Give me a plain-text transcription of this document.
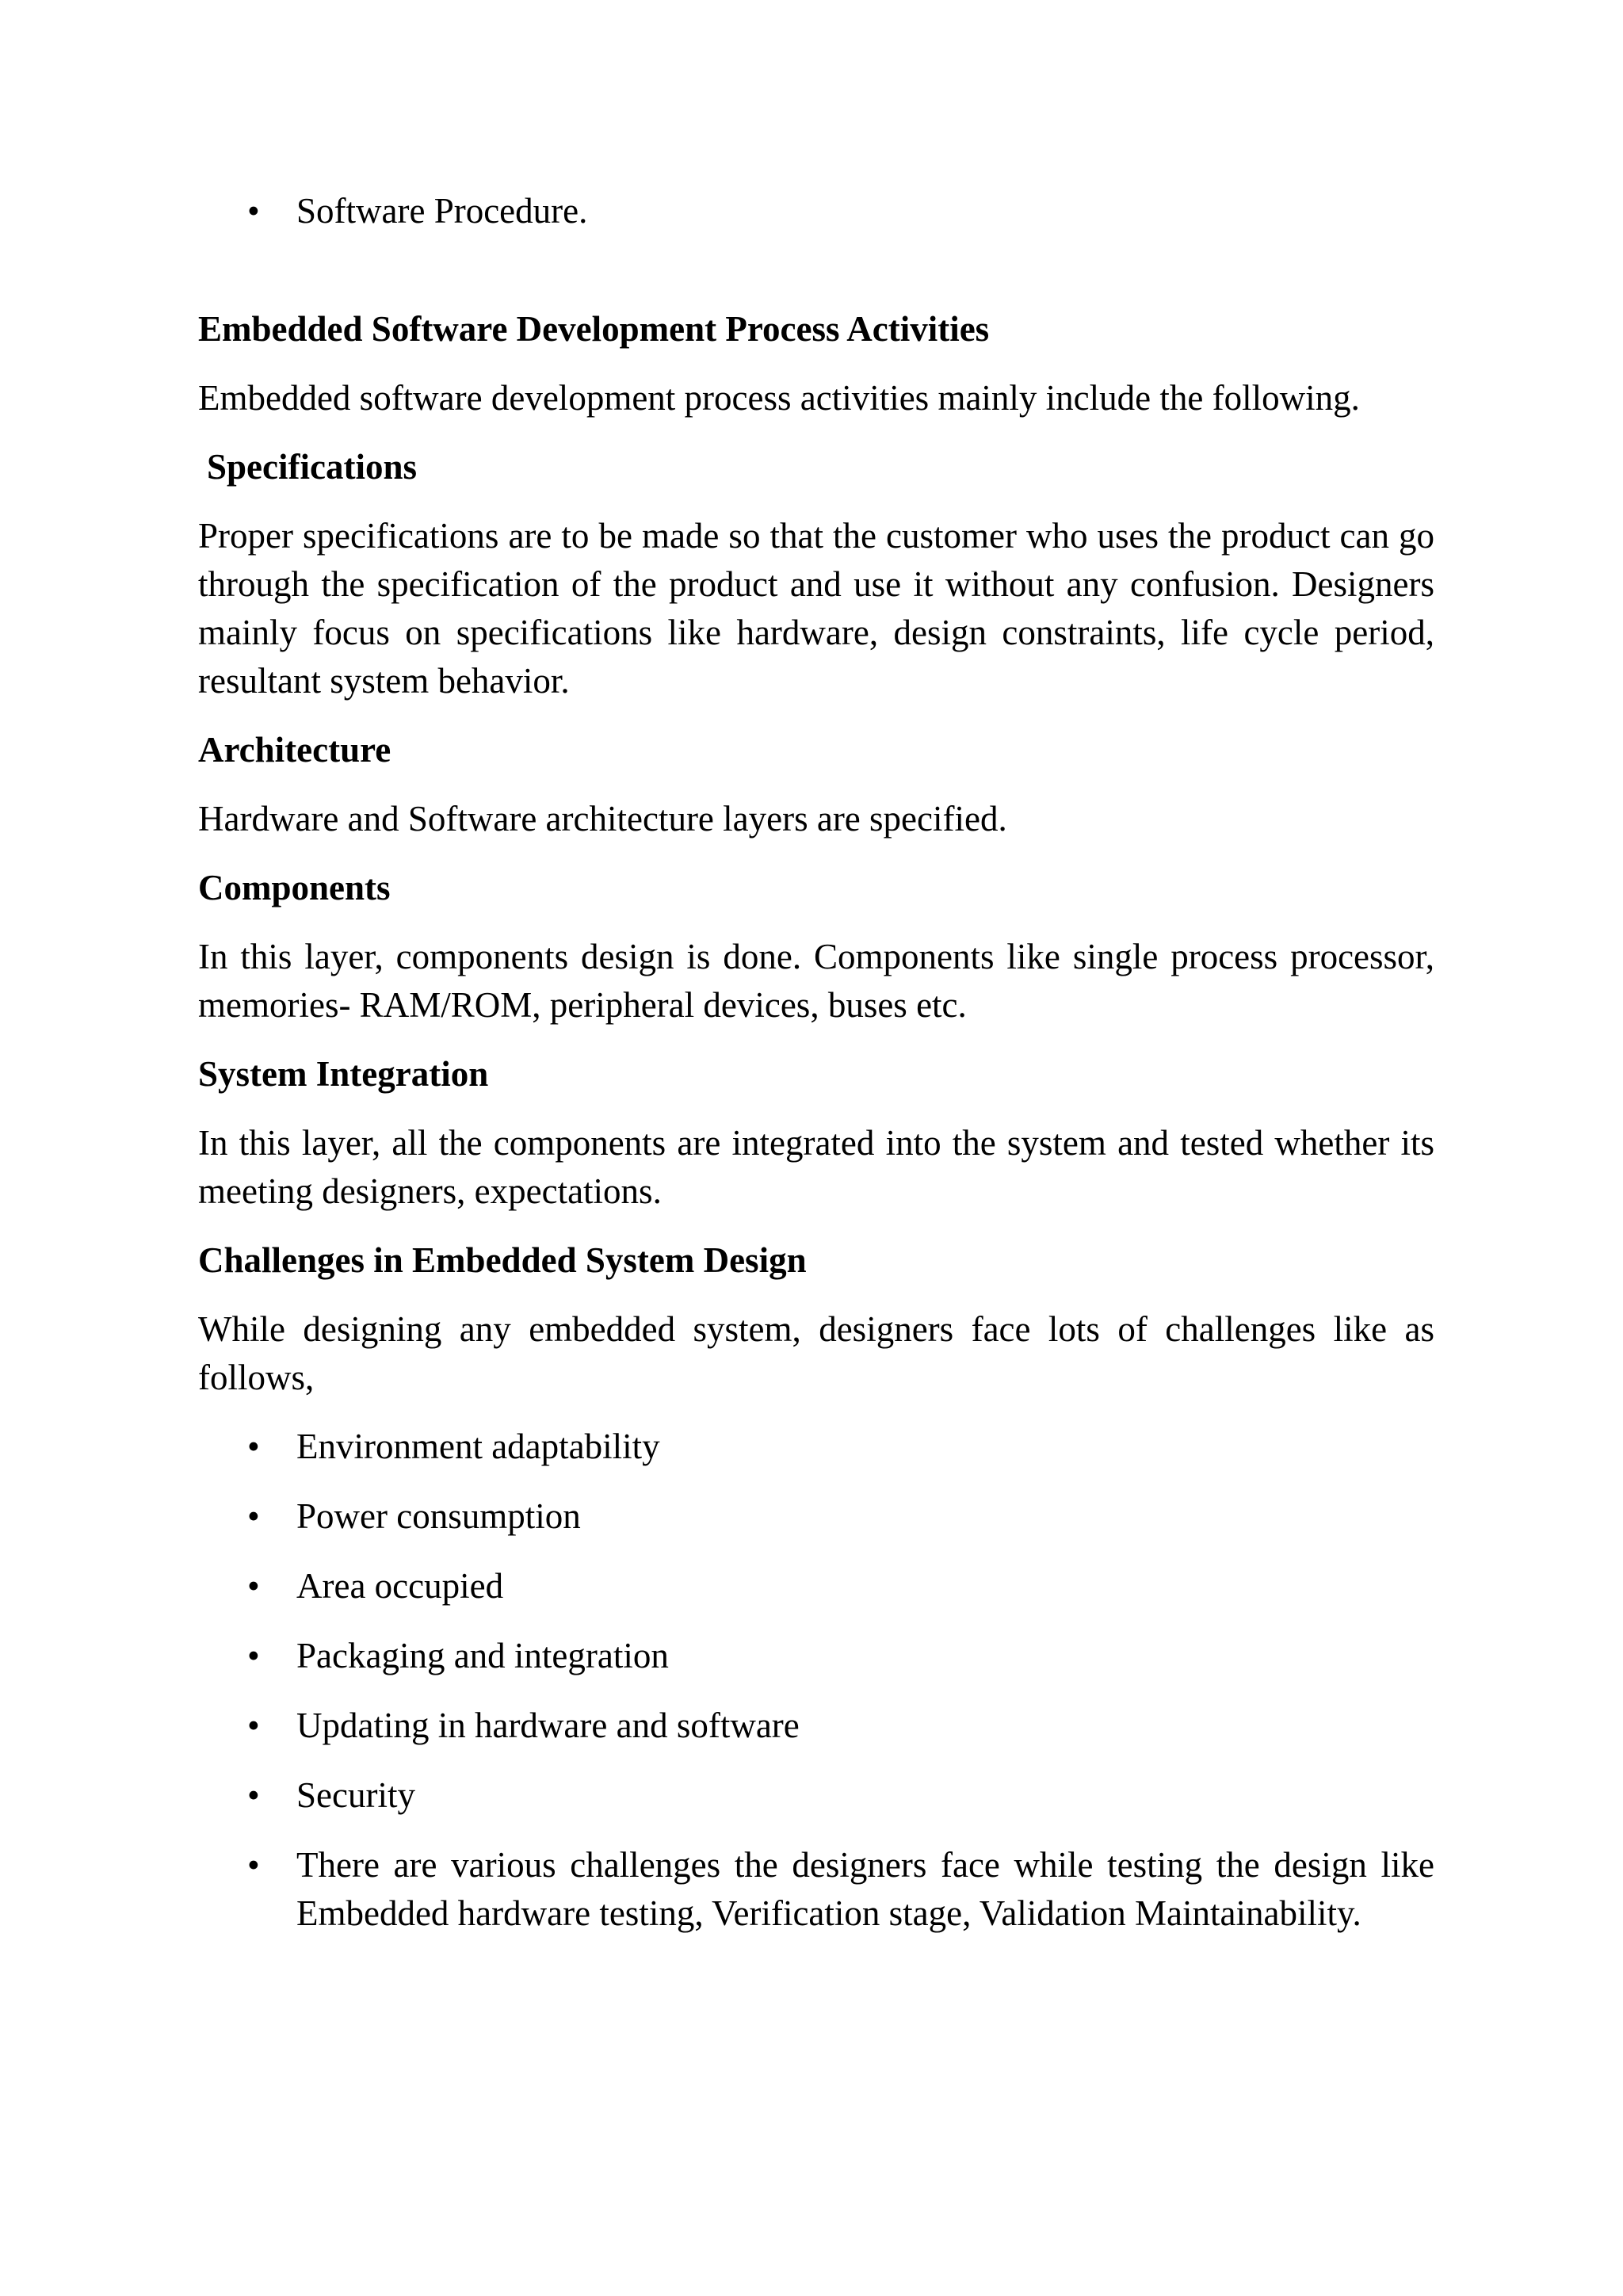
• Software Procedure.
Embedded Software Development Process Activities
Embedded software development process activities mainly include the following.
Specifications
Proper specifications are to be made so that the customer who uses the product can go through the specification of the product and use it without any confusion. Designers mainly focus on specifications like hardware, design constraints, life cycle period, resultant system behavior.
Architecture
Hardware and Software architecture layers are specified.
Components
In this layer, components design is done. Components like single process processor, memories- RAM/ROM, peripheral devices, buses etc.
System Integration
In this layer, all the components are integrated into the system and tested whether its meeting designers, expectations.
Challenges in Embedded System Design
While designing any embedded system, designers face lots of challenges like as follows,
• Environment adaptability
• Power consumption
• Area occupied
• Packaging and integration
• Updating in hardware and software
• Security
• There are various challenges the designers face while testing the design like Embedded hardware testing, Verification stage, Validation Maintainability.
